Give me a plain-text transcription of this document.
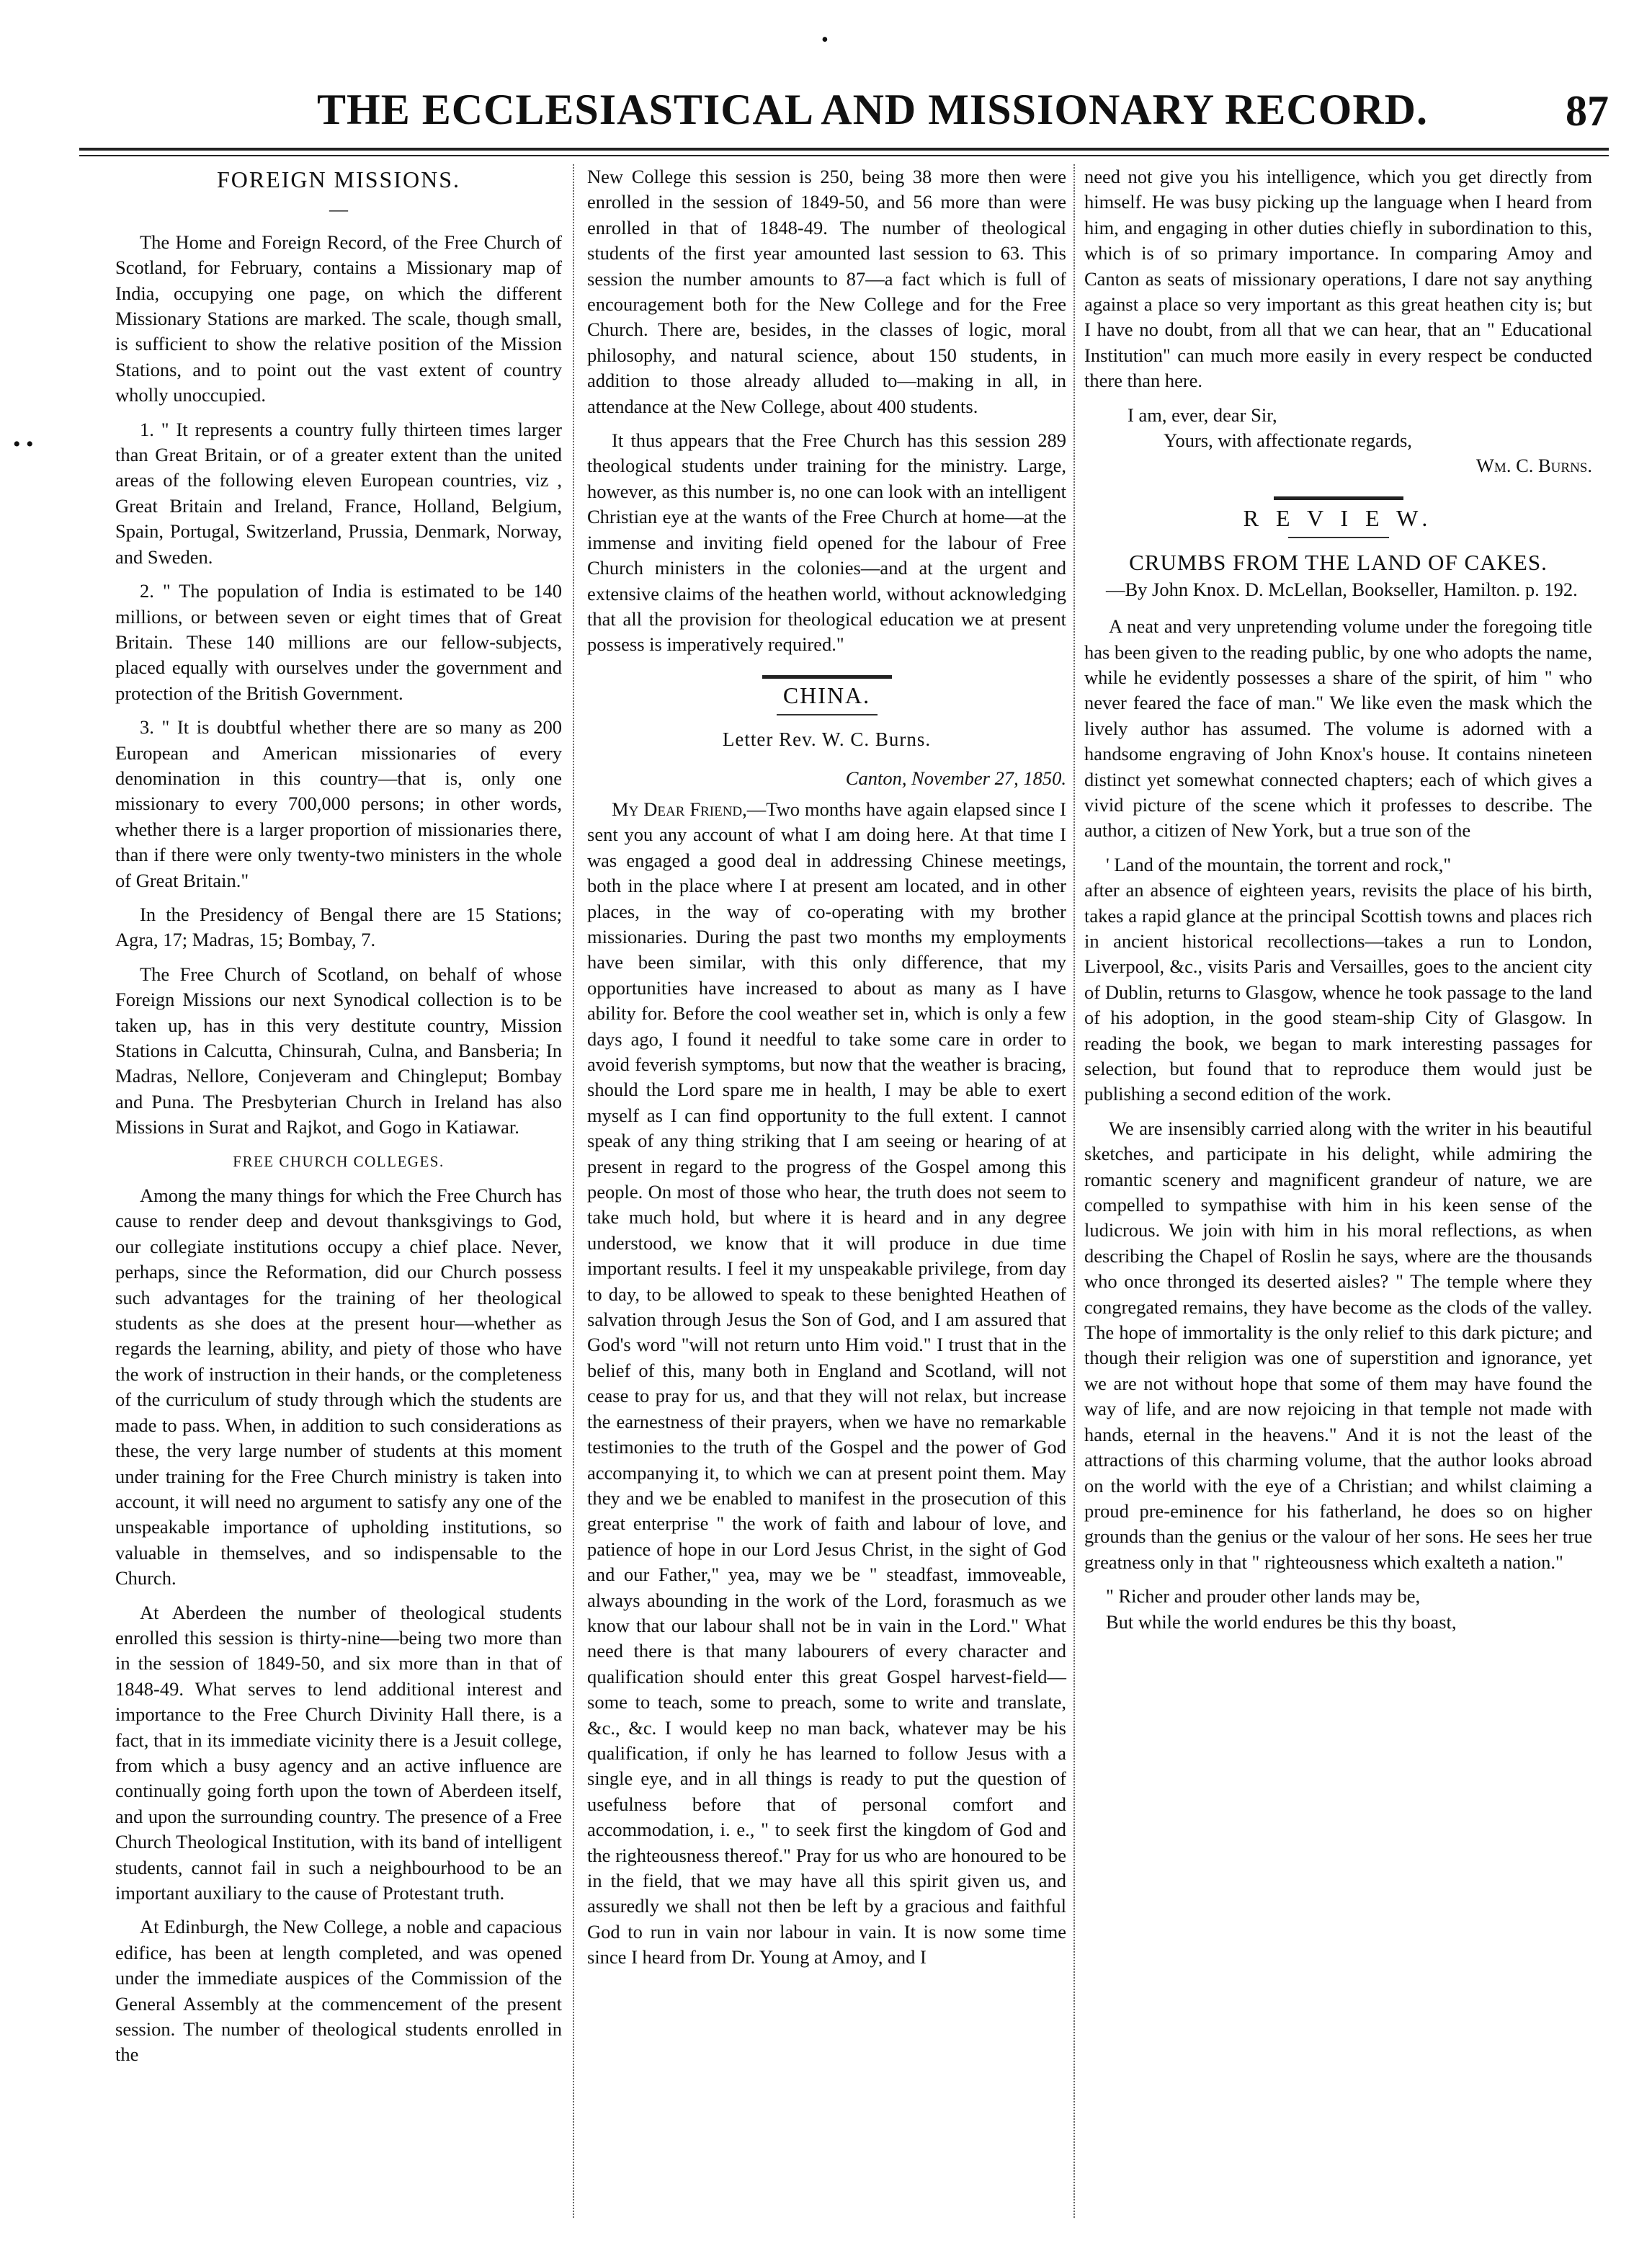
•
THE ECCLESIASTICAL AND MISSIONARY RECORD.	87
• •
FOREIGN MISSIONS.
—

The Home and Foreign Record, of the Free Church of Scotland, for February, contains a Missionary map of India, occupying one page, on which the different Missionary Stations are marked. The scale, though small, is sufficient to show the relative position of the Mission Stations, and to point out the vast extent of country wholly unoccupied.

1. " It represents a country fully thirteen times larger than Great Britain, or of a greater extent than the united areas of the following eleven European countries, viz , Great Britain and Ireland, France, Holland, Belgium, Spain, Portugal, Switzerland, Prussia, Denmark, Norway, and Sweden.

2. " The population of India is estimated to be 140 millions, or between seven or eight times that of Great Britain. These 140 millions are our fellow-subjects, placed equally with ourselves under the government and protection of the British Government.

3. " It is doubtful whether there are so many as 200 European and American missionaries of every denomination in this country—that is, only one missionary to every 700,000 persons; in other words, whether there is a larger proportion of missionaries there, than if there were only twenty-two ministers in the whole of Great Britain."

In the Presidency of Bengal there are 15 Stations; Agra, 17; Madras, 15; Bombay, 7.

The Free Church of Scotland, on behalf of whose Foreign Missions our next Synodical collection is to be taken up, has in this very destitute country, Mission Stations in Calcutta, Chinsurah, Culna, and Bansberia; In Madras, Nellore, Conjeveram and Chingleput; Bombay and Puna. The Presbyterian Church in Ireland has also Missions in Surat and Rajkot, and Gogo in Katiawar.

FREE CHURCH COLLEGES.

Among the many things for which the Free Church has cause to render deep and devout thanksgivings to God, our collegiate institutions occupy a chief place. Never, perhaps, since the Reformation, did our Church possess such advantages for the training of her theological students as she does at the present hour—whether as regards the learning, ability, and piety of those who have the work of instruction in their hands, or the completeness of the curriculum of study through which the students are made to pass. When, in addition to such considerations as these, the very large number of students at this moment under training for the Free Church ministry is taken into account, it will need no argument to satisfy any one of the unspeakable importance of upholding institutions, so valuable in themselves, and so indispensable to the Church.

At Aberdeen the number of theological students enrolled this session is thirty-nine—being two more than in the session of 1849-50, and six more than in that of 1848-49. What serves to lend additional interest and importance to the Free Church Divinity Hall there, is a fact, that in its immediate vicinity there is a Jesuit college, from which a busy agency and an active influence are continually going forth upon the town of Aberdeen itself, and upon the surrounding country. The presence of a Free Church Theological Institution, with its band of intelligent students, cannot fail in such a neighbourhood to be an important auxiliary to the cause of Protestant truth.

At Edinburgh, the New College, a noble and capacious edifice, has been at length completed, and was opened under the immediate auspices of the Commission of the General Assembly at the commencement of the present session. The number of theological students enrolled in the

New College this session is 250, being 38 more then were enrolled in the session of 1849-50, and 56 more than were enrolled in that of 1848-49. The number of theological students of the first year amounted last session to 63. This session the number amounts to 87—a fact which is full of encouragement both for the New College and for the Free Church. There are, besides, in the classes of logic, moral philosophy, and natural science, about 150 students, in addition to those already alluded to—making in all, in attendance at the New College, about 400 students.

It thus appears that the Free Church has this session 289 theological students under training for the ministry. Large, however, as this number is, no one can look with an intelligent Christian eye at the wants of the Free Church at home—at the immense and inviting field opened for the labour of Free Church ministers in the colonies—and at the urgent and extensive claims of the heathen world, without acknowledging that all the provision for theological education we at present possess is imperatively required."

CHINA.
Letter Rev. W. C. Burns.
Canton, November 27, 1850.

My Dear Friend,—Two months have again elapsed since I sent you any account of what I am doing here. At that time I was engaged a good deal in addressing Chinese meetings, both in the place where I at present am located, and in other places, in the way of co-operating with my brother missionaries. During the past two months my employments have been similar, with this only difference, that my opportunities have increased to about as many as I have ability for. Before the cool weather set in, which is only a few days ago, I found it needful to take some care in order to avoid feverish symptoms, but now that the weather is bracing, should the Lord spare me in health, I may be able to exert myself as I can find opportunity to the full extent. I cannot speak of any thing striking that I am seeing or hearing of at present in regard to the progress of the Gospel among this people. On most of those who hear, the truth does not seem to take much hold, but where it is heard and in any degree understood, we know that it will produce in due time important results. I feel it my unspeakable privilege, from day to day, to be allowed to speak to these benighted Heathen of salvation through Jesus the Son of God, and I am assured that God's word "will not return unto Him void." I trust that in the belief of this, many both in England and Scotland, will not cease to pray for us, and that they will not relax, but increase the earnestness of their prayers, when we have no remarkable testimonies to the truth of the Gospel and the power of God accompanying it, to which we can at present point them. May they and we be enabled to manifest in the prosecution of this great enterprise " the work of faith and labour of love, and patience of hope in our Lord Jesus Christ, in the sight of God and our Father," yea, may we be " steadfast, immoveable, always abounding in the work of the Lord, forasmuch as we know that our labour shall not be in vain in the Lord." What need there is that many labourers of every character and qualification should enter this great Gospel harvest-field—some to teach, some to preach, some to write and translate, &c., &c. I would keep no man back, whatever may be his qualification, if only he has learned to follow Jesus with a single eye, and in all things is ready to put the question of usefulness before that of personal comfort and accommodation, i. e., " to seek first the kingdom of God and the righteousness thereof." Pray for us who are honoured to be in the field, that we may have all this spirit given us, and assuredly we shall not then be left by a gracious and faithful God to run in vain nor labour in vain. It is now some time since I heard from Dr. Young at Amoy, and I

need not give you his intelligence, which you get directly from himself. He was busy picking up the language when I heard from him, and engaging in other duties chiefly in subordination to this, which is of so primary importance. In comparing Amoy and Canton as seats of missionary operations, I dare not say anything against a place so very important as this great heathen city is; but I have no doubt, from all that we can hear, that an " Educational Institution" can much more easily in every respect be conducted there than here.

I am, ever, dear Sir,

Yours, with affectionate regards,

Wm. C. Burns.
R E V I E W.
CRUMBS FROM THE LAND OF CAKES.
—By John Knox. D. McLellan, Bookseller, Hamilton. p. 192.

A neat and very unpretending volume under the foregoing title has been given to the reading public, by one who adopts the name, while he evidently possesses a share of the spirit, of him " who never feared the face of man." We like even the mask which the lively author has assumed. The volume is adorned with a handsome engraving of John Knox's house. It contains nineteen distinct yet somewhat connected chapters; each of which gives a vivid picture of the scene which it professes to describe. The author, a citizen of New York, but a true son of the

' Land of the mountain, the torrent and rock,"

after an absence of eighteen years, revisits the place of his birth, takes a rapid glance at the principal Scottish towns and places rich in ancient historical recollections—takes a run to London, Liverpool, &c., visits Paris and Versailles, goes to the ancient city of Dublin, returns to Glasgow, whence he took passage to the land of his adoption, in the good steam-ship City of Glasgow. In reading the book, we began to mark interesting passages for selection, but found that to reproduce them would just be publishing a second edition of the work.

We are insensibly carried along with the writer in his beautiful sketches, and participate in his delight, while admiring the romantic scenery and magnificent grandeur of nature, we are compelled to sympathise with him in his keen sense of the ludicrous. We join with him in his moral reflections, as when describing the Chapel of Roslin he says, where are the thousands who once thronged its deserted aisles? " The temple where they congregated remains, they have become as the clods of the valley. The hope of immortality is the only relief to this dark picture; and though their religion was one of superstition and ignorance, yet we are not without hope that some of them may have found the way of life, and are now rejoicing in that temple not made with hands, eternal in the heavens." And it is not the least of the attractions of this charming volume, that the author looks abroad on the world with the eye of a Christian; and whilst claiming a proud pre-eminence for his fatherland, he does so on higher grounds than the genius or the valour of her sons. He sees her true greatness only in that " righteousness which exalteth a nation."

" Richer and prouder other lands may be,

But while the world endures be this thy boast,
